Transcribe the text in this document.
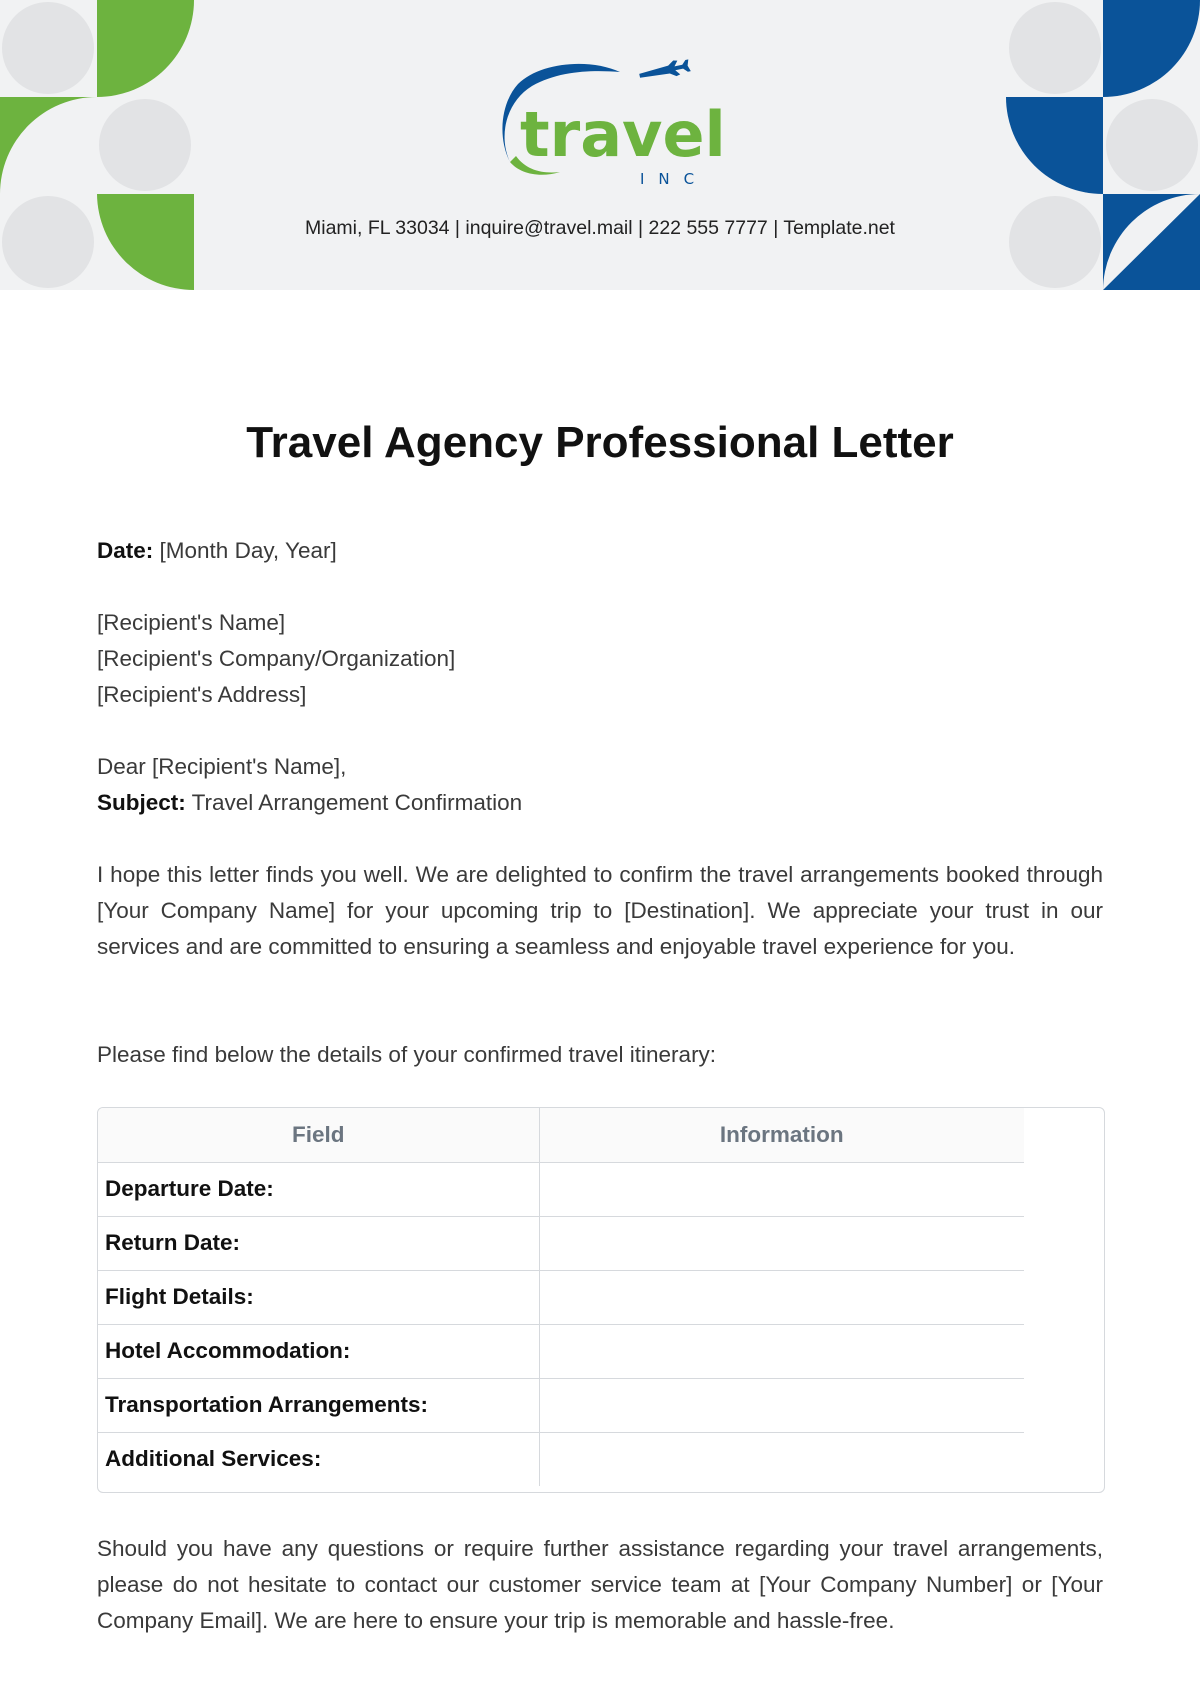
travel
INC
Miami, FL 33034 | inquire@travel.mail | 222 555 7777 | Template.net
Travel Agency Professional Letter
Date: [Month Day, Year]
[Recipient's Name]
[Recipient's Company/Organization]
[Recipient's Address]
Dear [Recipient's Name],
Subject: Travel Arrangement Confirmation

I hope this letter finds you well. We are delighted to confirm the travel arrangements booked through [Your Company Name] for your upcoming trip to [Destination]. We appreciate your trust in our services and are committed to ensuring a seamless and enjoyable travel experience for you.

Please find below the details of your confirmed travel itinerary:

Should you have any questions or require further assistance regarding your travel arrangements, please do not hesitate to contact our customer service team at [Your Company Number] or [Your Company Email]. We are here to ensure your trip is memorable and hassle-free.

Field	Information
Departure Date:	
Return Date:	
Flight Details:	
Hotel Accommodation:	
Transportation Arrangements:	
Additional Services:	
